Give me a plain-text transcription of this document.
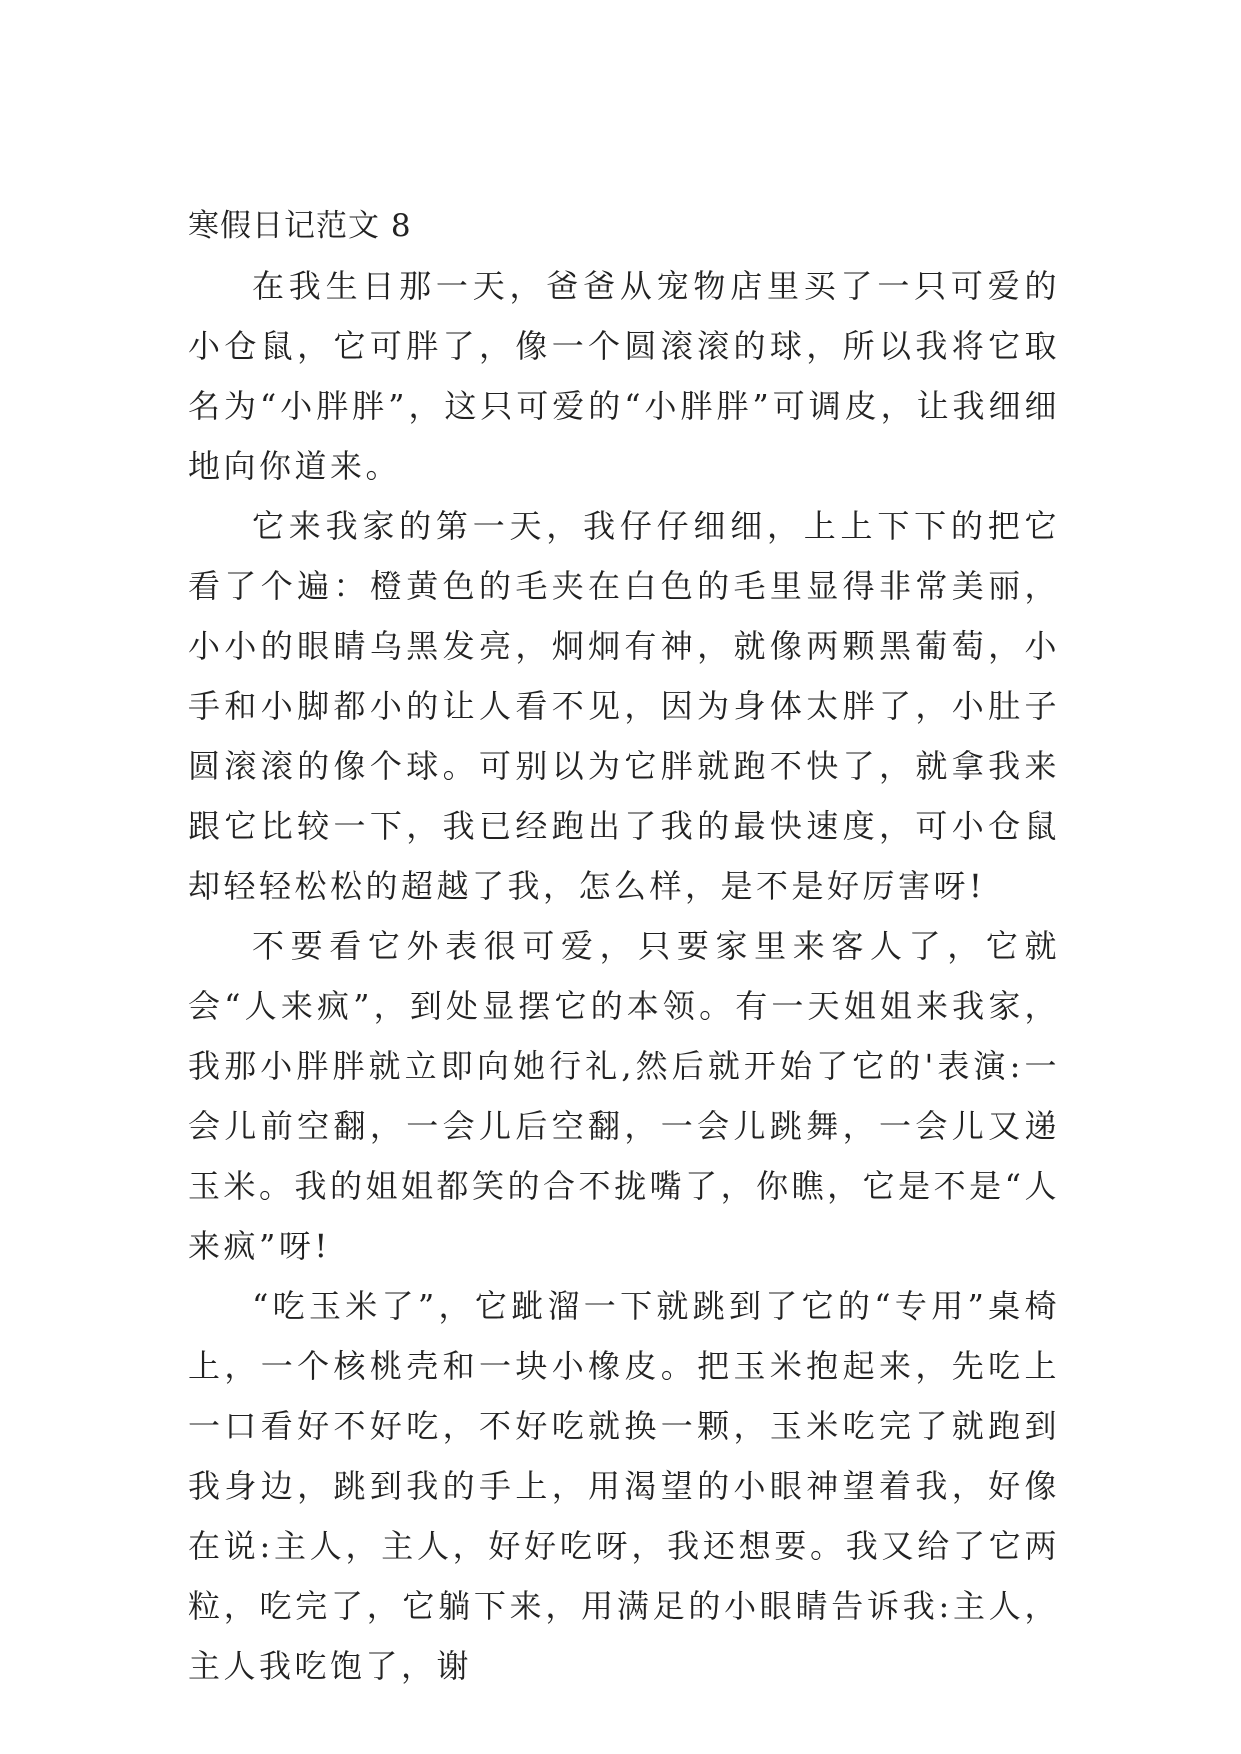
寒假日记范文 8

在我生日那一天，爸爸从宠物店里买了一只可爱的小仓鼠，它可胖了，像一个圆滚滚的球，所以我将它取名为“小胖胖”，这只可爱的“小胖胖”可调皮，让我细细地向你道来。

它来我家的第一天，我仔仔细细，上上下下的把它看了个遍：橙黄色的毛夹在白色的毛里显得非常美丽，小小的眼睛乌黑发亮，炯炯有神，就像两颗黑葡萄，小手和小脚都小的让人看不见，因为身体太胖了，小肚子圆滚滚的像个球。可别以为它胖就跑不快了，就拿我来跟它比较一下，我已经跑出了我的最快速度，可小仓鼠却轻轻松松的超越了我，怎么样，是不是好厉害呀!

不要看它外表很可爱，只要家里来客人了，它就会“人来疯”，到处显摆它的本领。有一天姐姐来我家，我那小胖胖就立即向她行礼,然后就开始了它的'表演:一会儿前空翻，一会儿后空翻，一会儿跳舞，一会儿又递玉米。我的姐姐都笑的合不拢嘴了，你瞧，它是不是“人来疯”呀!

“吃玉米了”，它跐溜一下就跳到了它的“专用”桌椅上，一个核桃壳和一块小橡皮。把玉米抱起来，先吃上一口看好不好吃，不好吃就换一颗，玉米吃完了就跑到我身边，跳到我的手上，用渴望的小眼神望着我，好像在说:主人，主人，好好吃呀，我还想要。我又给了它两粒，吃完了，它躺下来，用满足的小眼睛告诉我:主人，主人我吃饱了，谢
